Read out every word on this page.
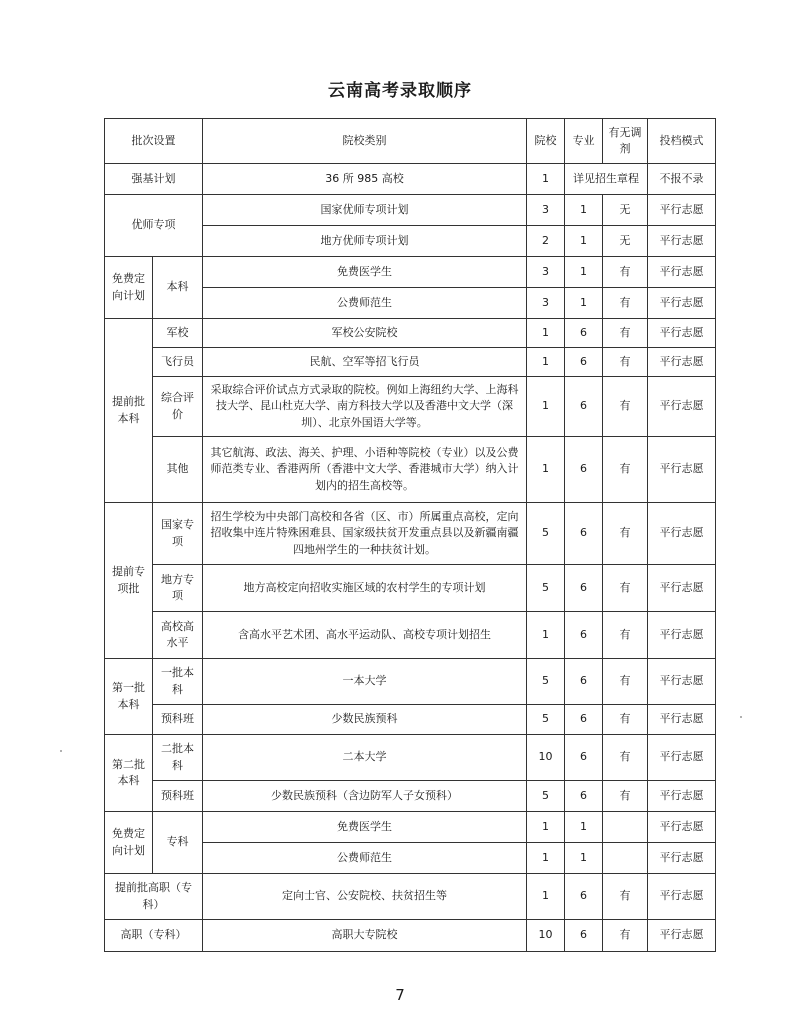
云南高考录取顺序
批次设置		院校类别	院校	专业	有无调剂	投档模式
强基计划		36 所 985 高校	1	详见招生章程		不报不录
优师专项		国家优师专项计划	3	1	无	平行志愿
		地方优师专项计划	2	1	无	平行志愿
免费定向计划	本科	免费医学生	3	1	有	平行志愿
		公费师范生	3	1	有	平行志愿
提前批本科	军校	军校公安院校	1	6	有	平行志愿
	飞行员	民航、空军等招飞行员	1	6	有	平行志愿
	综合评价	采取综合评价试点方式录取的院校。例如上海纽约大学、上海科技大学、昆山杜克大学、南方科技大学以及香港中文大学（深圳）、北京外国语大学等。	1	6	有	平行志愿
	其他	其它航海、政法、海关、护理、小语种等院校（专业）以及公费师范类专业、香港两所（香港中文大学、香港城市大学）纳入计划内的招生高校等。	1	6	有	平行志愿
提前专项批	国家专项	招生学校为中央部门高校和各省（区、市）所属重点高校，定向招收集中连片特殊困难县、国家级扶贫开发重点县以及新疆南疆四地州学生的一种扶贫计划。	5	6	有	平行志愿
	地方专项	地方高校定向招收实施区域的农村学生的专项计划	5	6	有	平行志愿
	高校高水平	含高水平艺术团、高水平运动队、高校专项计划招生	1	6	有	平行志愿
第一批本科	一批本科	一本大学	5	6	有	平行志愿
	预科班	少数民族预科	5	6	有	平行志愿
第二批本科	二批本科	二本大学	10	6	有	平行志愿
	预科班	少数民族预科（含边防军人子女预科）	5	6	有	平行志愿
免费定向计划	专科	免费医学生	1	1		平行志愿
		公费师范生	1	1		平行志愿
提前批高职（专科）		定向士官、公安院校、扶贫招生等	1	6	有	平行志愿
高职（专科）		高职大专院校	10	6	有	平行志愿
7
